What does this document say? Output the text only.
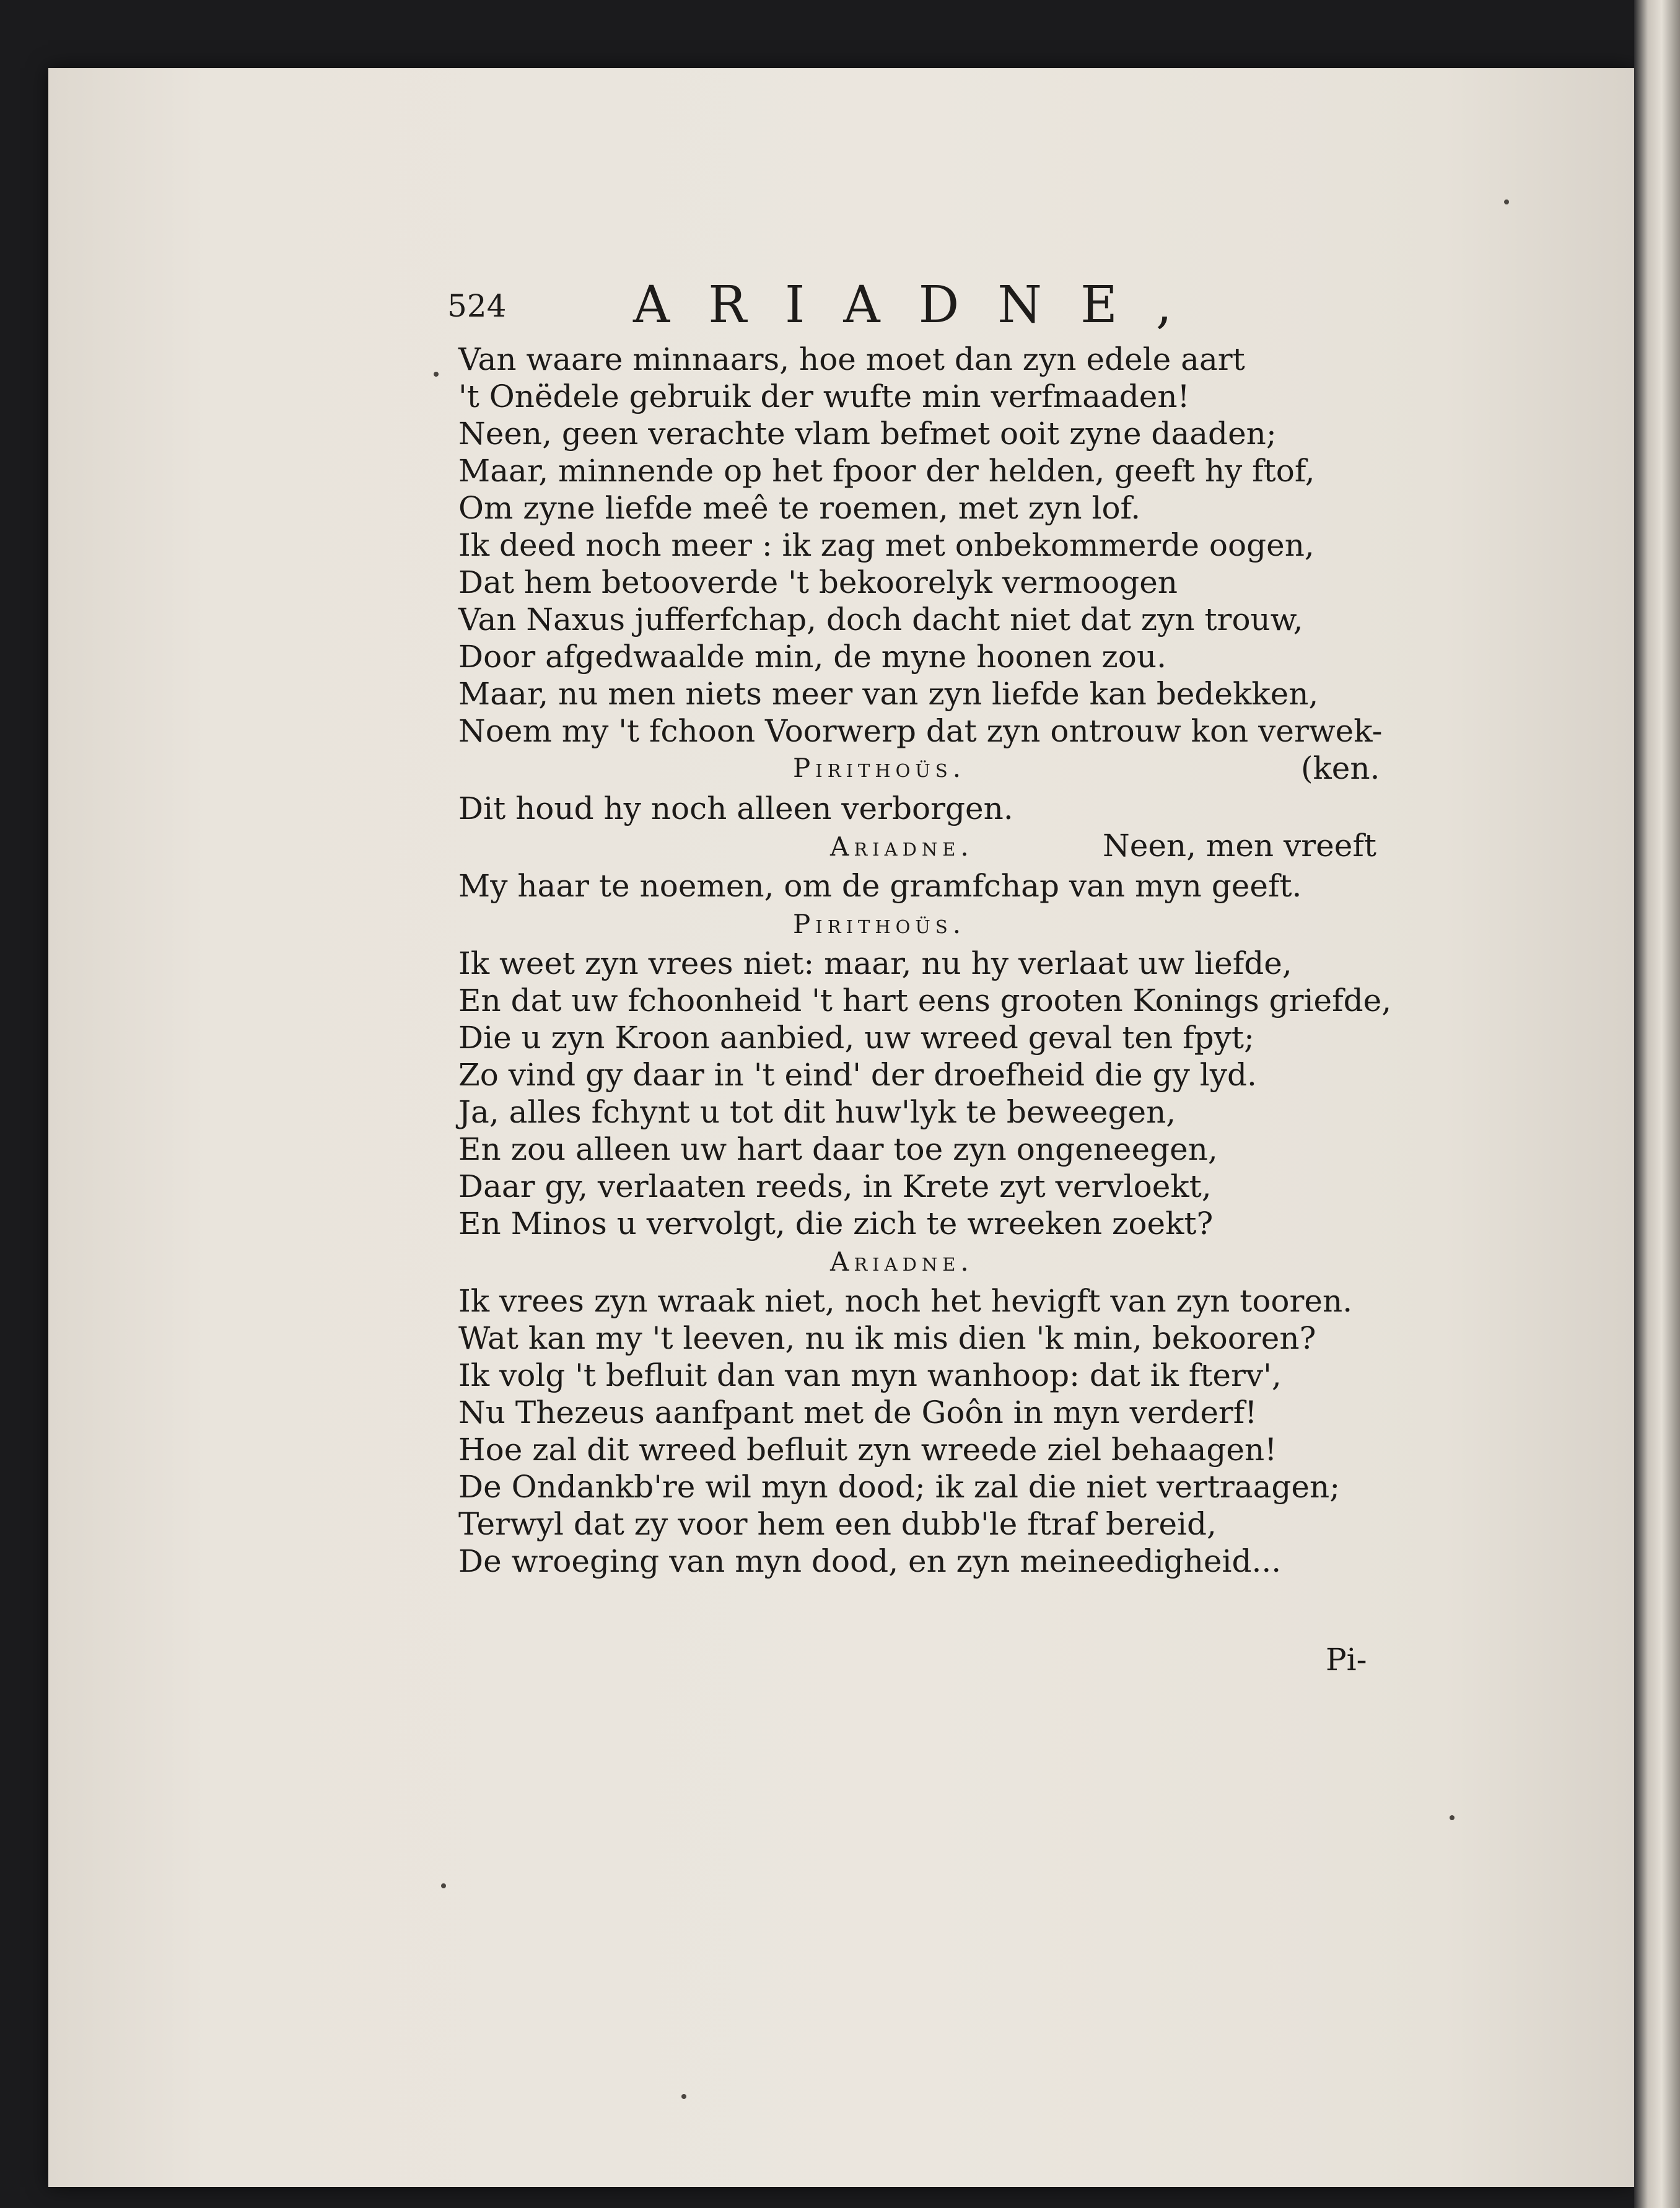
524 ARIADNE,
Van waare minnaars, hoe moet dan zyn edele aart
't Onëdele gebruik der wufte min verfmaaden!
Neen, geen verachte vlam befmet ooit zyne daaden;
Maar, minnende op het fpoor der helden, geeft hy ftof,
Om zyne liefde meê te roemen, met zyn lof.
Ik deed noch meer : ik zag met onbekommerde oogen,
Dat hem betooverde 't bekoorelyk vermoogen
Van Naxus jufferfchap, doch dacht niet dat zyn trouw,
Door afgedwaalde min, de myne hoonen zou.
Maar, nu men niets meer van zyn liefde kan bedekken,
Noem my 't fchoon Voorwerp dat zyn ontrouw kon verwek-
Pirithoüs.	(ken.
Dit houd hy noch alleen verborgen.
Ariadne.	Neen, men vreeft
My haar te noemen, om de gramfchap van myn geeft.
Pirithoüs.
Ik weet zyn vrees niet: maar, nu hy verlaat uw liefde,
En dat uw fchoonheid 't hart eens grooten Konings griefde,
Die u zyn Kroon aanbied, uw wreed geval ten fpyt;
Zo vind gy daar in 't eind' der droefheid die gy lyd.
Ja, alles fchynt u tot dit huw'lyk te beweegen,
En zou alleen uw hart daar toe zyn ongeneegen,
Daar gy, verlaaten reeds, in Krete zyt vervloekt,
En Minos u vervolgt, die zich te wreeken zoekt?
Ariadne.
Ik vrees zyn wraak niet, noch het hevigft van zyn tooren.
Wat kan my 't leeven, nu ik mis dien 'k min, bekooren?
Ik volg 't befluit dan van myn wanhoop: dat ik fterv',
Nu Thezeus aanfpant met de Goôn in myn verderf!
Hoe zal dit wreed befluit zyn wreede ziel behaagen!
De Ondankb're wil myn dood; ik zal die niet vertraagen;
Terwyl dat zy voor hem een dubb'le ftraf bereid,
De wroeging van myn dood, en zyn meineedigheid...
Pi-
